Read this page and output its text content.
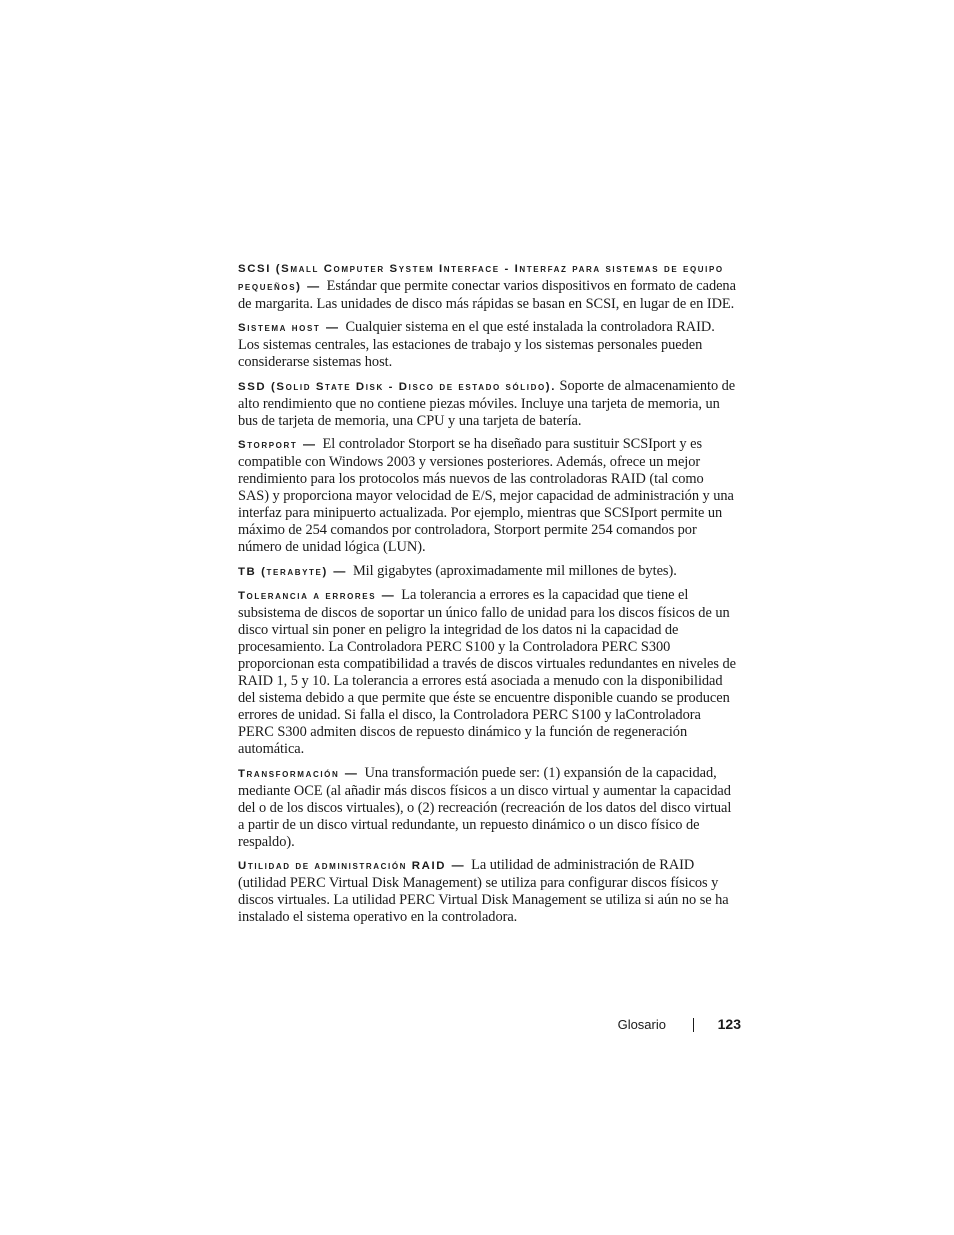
SCSI (Small Computer System Interface - Interfaz para sistemas de equipo pequeños) — Estándar que permite conectar varios dispositivos en formato de cadena de margarita. Las unidades de disco más rápidas se basan en SCSI, en lugar de en IDE.

Sistema host — Cualquier sistema en el que esté instalada la controladora RAID. Los sistemas centrales, las estaciones de trabajo y los sistemas personales pueden considerarse sistemas host.

SSD (Solid State Disk - Disco de estado sólido). Soporte de almacenamiento de alto rendimiento que no contiene piezas móviles. Incluye una tarjeta de memoria, un bus de tarjeta de memoria, una CPU y una tarjeta de batería.

Storport — El controlador Storport se ha diseñado para sustituir SCSIport y es compatible con Windows 2003 y versiones posteriores. Además, ofrece un mejor rendimiento para los protocolos más nuevos de las controladoras RAID (tal como SAS) y proporciona mayor velocidad de E/S, mejor capacidad de administración y una interfaz para minipuerto actualizada. Por ejemplo, mientras que SCSIport permite un máximo de 254 comandos por controladora, Storport permite 254 comandos por número de unidad lógica (LUN).

TB (terabyte) — Mil gigabytes (aproximadamente mil millones de bytes).

Tolerancia a errores — La tolerancia a errores es la capacidad que tiene el subsistema de discos de soportar un único fallo de unidad para los discos físicos de un disco virtual sin poner en peligro la integridad de los datos ni la capacidad de procesamiento. La Controladora PERC S100 y la Controladora PERC S300 proporcionan esta compatibilidad a través de discos virtuales redundantes en niveles de RAID 1, 5 y 10. La tolerancia a errores está asociada a menudo con la disponibilidad del sistema debido a que permite que éste se encuentre disponible cuando se producen errores de unidad. Si falla el disco, la Controladora PERC S100 y laControladora PERC S300 admiten discos de repuesto dinámico y la función de regeneración automática.

Transformación — Una transformación puede ser: (1) expansión de la capacidad, mediante OCE (al añadir más discos físicos a un disco virtual y aumentar la capacidad del o de los discos virtuales), o (2) recreación (recreación de los datos del disco virtual a partir de un disco virtual redundante, un repuesto dinámico o un disco físico de respaldo).

Utilidad de administración RAID — La utilidad de administración de RAID (utilidad PERC Virtual Disk Management) se utiliza para configurar discos físicos y discos virtuales. La utilidad PERC Virtual Disk Management se utiliza si aún no se ha instalado el sistema operativo en la controladora.

Glosario	123
